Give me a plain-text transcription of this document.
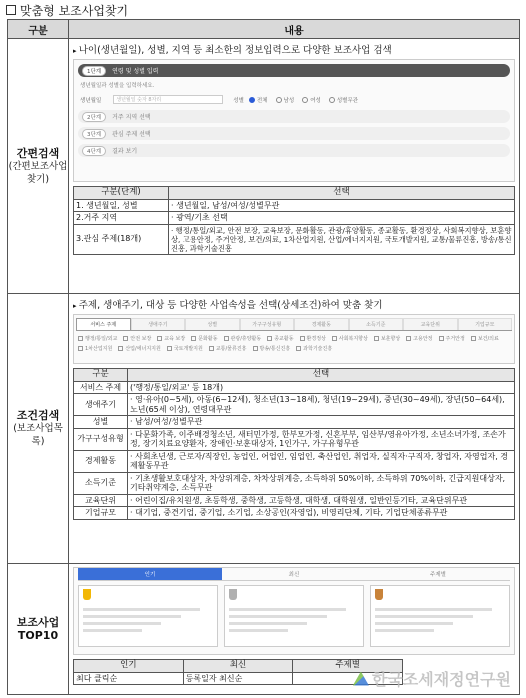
맞춤형 보조사업찾기
구분	내용

간편검색
(간편보조사업찾기)	
▸ 나이(생년월일), 성별, 지역 등 최소한의 정보입력으로 다양한 보조사업 검색
1단계	연령 및 성별 입력
생년월일과 성별을 입력하세요.
생년월일	생년월일 숫자 8자리	성별 전체	남성	여성	성별무관
2단계	거주 지역 선택
3단계	관심 주제 선택
4단계	결과 보기
구분(단계)	선택
1. 생년월일, 성별	· 생년월일, 남성/여성/성별무관
2.거주 지역	· 광역/기초 선택
3.관심 주제(18개)	· 행정/통일/외교, 안전 보장, 교육보장, 문화활동, 관광/휴양활동, 종교활동, 환경정상, 사회복지향상, 보훈향상, 고용안정, 주거안정, 보건/의료, 1차산업지원, 산업/에너지지원, 국토개발지원, 교통/물류진흥, 방송/통신진흥, 과학기술진흥

조건검색
(보조사업목록)	
▸ 주제, 생애주기, 대상 등 다양한 사업속성을 선택(상세조건)하여 맞춤 찾기
서비스 주제	생애주기	성별	가구구성유형	경제활동	소득기준	교육단위	기업규모
행정/통일/외교	안전 보장	교육 보장	문화활동	관광/휴양활동	종교활동	환경정상	사회복지향상	보훈향상	고용안정	주거안정	보건/의료
1차산업지원	산업/에너지지원	국토개발지원	교통/물류진흥	방송/통신진흥	과학기술진흥
구분	선택
서비스 주제	('행정/통일/외교' 등 18개)
생애주기	· 영·유아(0~5세), 아동(6~12세), 청소년(13~18세), 청년(19~29세), 중년(30~49세), 장년(50~64세), 노년(65세 이상), 연령대무관
성별	· 남성/여성/성별무관
가구구성유형	· 다문화가족, 이주배경청소년, 새터민가정, 한부모가정, 신혼부부, 임산부/영유아가정, 소년소녀가정, 조손가정, 장기치료요양환자, 장애인·보훈대상자, 1인가구, 가구유형무관
경제활동	· 사회초년생, 근로자/직장인, 농업인, 어업인, 임업인, 축산업인, 취업자, 실직자·구직자, 창업자, 자영업자, 경제활동무관
소득기준	· 기초생활보호대상자, 차상위계층, 차차상위계층, 소득하위 50%이하, 소득하위 70%이하, 긴급지원대상자, 기타취약계층, 소득무관
교육단위	· 어린이집/유치원생, 초등학생, 중학생, 고등학생, 대학생, 대학원생, 일반인등기타, 교육단위무관
기업규모	· 대기업, 중견기업, 중기업, 소기업, 소상공인(자영업), 비영리단체, 기타, 기업단체종류무관

보조사업
TOP10

인기	최신	주제별
인기	최신	주제별
최다 클릭순	등록일자 최신순		한국조세재정연구원
